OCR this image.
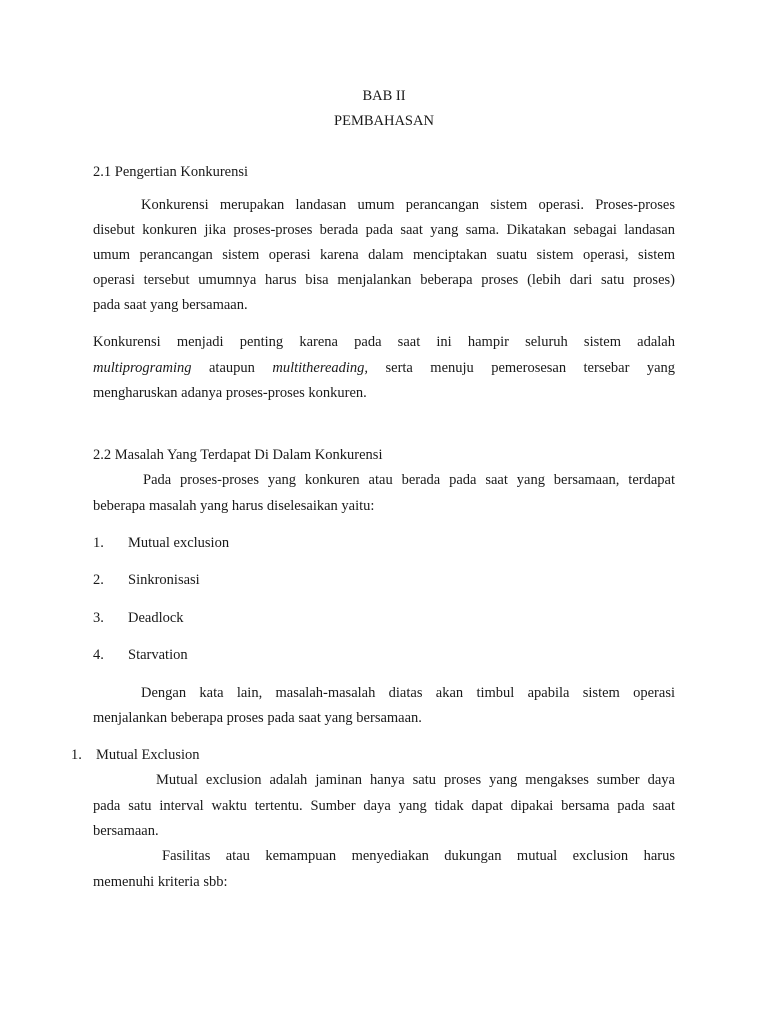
BAB II
PEMBAHASAN
2.1 Pengertian Konkurensi
Konkurensi merupakan landasan umum perancangan sistem operasi. Proses-proses
disebut konkuren jika proses-proses berada pada saat yang sama. Dikatakan sebagai landasan
umum perancangan sistem operasi karena dalam menciptakan suatu sistem operasi, sistem
operasi tersebut umumnya harus bisa menjalankan beberapa proses (lebih dari satu proses)
pada saat yang bersamaan.
Konkurensi menjadi penting karena pada saat ini hampir seluruh sistem adalah
multiprograming ataupun multithereading, serta menuju pemerosesan tersebar yang
mengharuskan adanya proses-proses konkuren.
2.2 Masalah Yang Terdapat Di Dalam Konkurensi
Pada proses-proses yang konkuren atau berada pada saat yang bersamaan, terdapat
beberapa masalah yang harus diselesaikan yaitu:
1. Mutual exclusion
2. Sinkronisasi
3. Deadlock
4. Starvation
Dengan kata lain, masalah-masalah diatas akan timbul apabila sistem operasi
menjalankan beberapa proses pada saat yang bersamaan.
1. Mutual Exclusion
Mutual exclusion adalah jaminan hanya satu proses yang mengakses sumber daya
pada satu interval waktu tertentu. Sumber daya yang tidak dapat dipakai bersama pada saat
bersamaan.
Fasilitas atau kemampuan menyediakan dukungan mutual exclusion harus
memenuhi kriteria sbb:
